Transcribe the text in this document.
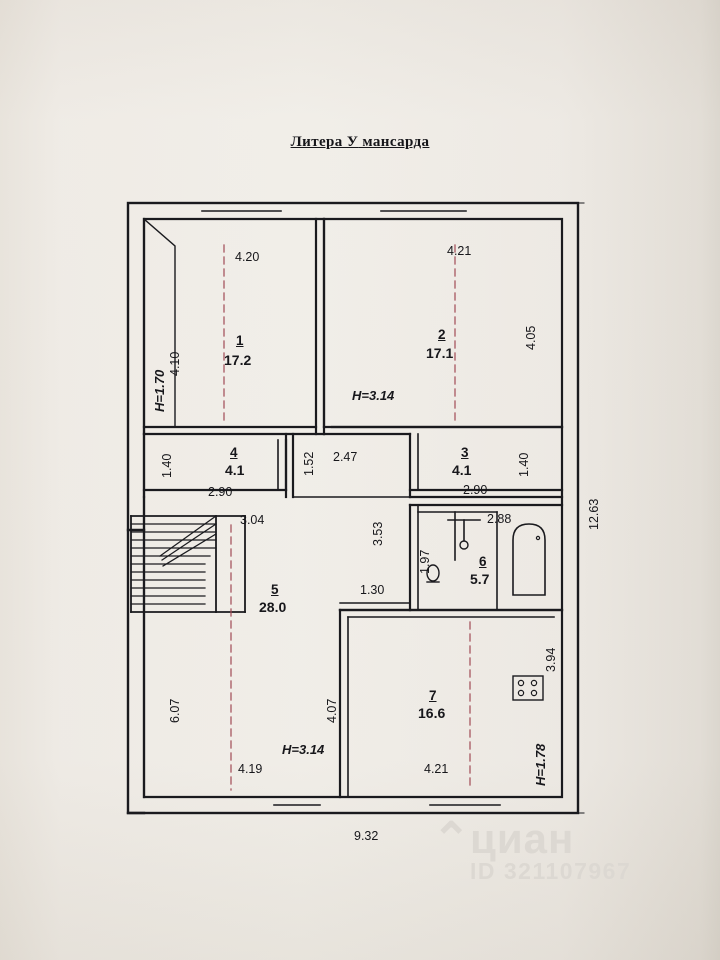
Литера У мансарда
4.20
4.10
H=1.70
1
17.2
4.21
4.05
2
17.1
H=3.14
1.40
4
4.1
2.90
1.52 2.47	3
4.1
2.90
1.40
3.04
3.53
1.97
2.88
1.30
6
5.7
5
28.0
6.07	4.07
4.19
H=3.14
7
16.6
3.94
4.21	H=1.78
9.32
12.63
⌃ циан
ID 321107967
